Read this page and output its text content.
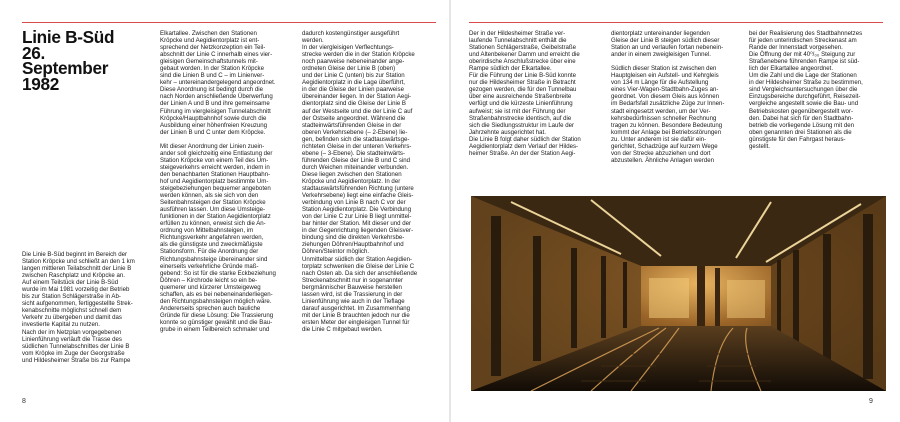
Linie B-Süd
26. September
1982
Die Linie B-Süd beginnt im Bereich der
Station Kröpcke und schließt an den 1 km
langen mittleren Teilabschnitt der Linie B
zwischen Raschplatz und Kröpcke an.
Auf einem Teilstück der Linie B-Süd
wurde im Mai 1981 vorzeitig der Betrieb
bis zur Station Schlägerstraße in Ab-
sicht aufgenommen, fertiggestellte Strek-
kenabschnitte möglichst schnell dem
Verkehr zu übergeben und damit das
investierte Kapital zu nutzen.
Nach der im Netzplan vorgegebenen
Linienführung verläuft die Trasse des
südlichen Tunnelabschnittes der Linie B
vom Kröpke im Zuge der Georgstraße
und Hildesheimer Straße bis zur Rampe
Elkartallee. Zwischen den Stationen
Kröpcke und Aegidientorplatz ist ent-
sprechend der Netzkonzeption ein Teil-
abschnitt der Linie C innerhalb eines vier-
gleisigen Gemeinschaftstunnels mit-
gebaut worden. In der Station Kröpcke
sind die Linien B und C – im Linienver-
kehr – untereinandergelegend angeordnet.
Diese Anordnung ist bedingt durch die
nach Norden anschließende Überwerfung
der Linien A und B und ihre gemeinsame
Führung im viergleisigen Tunnelabschnitt
Kröpcke/Hauptbahnhof sowie durch die
Ausbildung einer höhenfreien Kreuzung
der Linien B und C unter dem Kröpcke.

Mit dieser Anordnung der Linien zuein-
ander soll gleichzeitig eine Entlastung der
Station Kröpcke von einem Teil des Um-
steigeverkehrs erreicht werden, indem in
den benachbarten Stationen Hauptbahn-
hof und Aegidientorplatz bestimmte Um-
steigebeziehungen bequemer angeboten
werden können, als sie sich von den
Seitenbahnsteigen der Station Kröpcke
ausführen lassen. Um diese Umsteige-
funktionen in der Station Aegidientorplatz
erfüllen zu können, erweist sich die An-
ordnung von Mittelbahnsteigen, im
Richtungsverkehr angefahren werden,
als die günstigste und zweckmäßigste
Stationsform. Für die Anordnung der
Richtungsbahnsteige übereinander sind
einerseits verkehrliche Gründe maß-
gebend: So ist für die starke Eckbeziehung
Döhren – Kirchrode leicht so ein be-
quemerer und kürzerer Umsteigeweg
schaffen, als es bei nebeneinanderliegen-
den Richtungsbahnsteigen möglich wäre.
Andererseits sprechen auch bauliche
Gründe für diese Lösung: Die Trassierung
konnte so günstiger gewählt und die Bau-
grube in einem Teilbereich schmaler und
dadurch kostengünstiger ausgeführt
werden.
In der viergleisigen Verflechtungs-
strecke werden die in der Station Kröpcke
noch paarweise nebeneinander ange-
ordneten Gleise der Linie B (oben)
und der Linie C (unten) bis zur Station
Aegidientorplatz in die Lage überführt,
in der die Gleise der Linien paarweise
übereinander liegen. In der Station Aegi-
dientorplatz sind die Gleise der Linie B
auf der Westseite und die der Linie C auf
der Ostseite angeordnet. Während die
stadteinwärtsführenden Gleise in der
oberen Verkehrsebene (– 2-Ebene) lie-
gen, befinden sich die stadtauswärtsge-
richteten Gleise in der unteren Verkehrs-
ebene (– 3-Ebene). Die stadteinwärts-
führenden Gleise der Linie B und C sind
durch Weichen miteinander verbunden.
Diese liegen zwischen den Stationen
Kröpcke und Aegidientorplatz. In der
stadtauswärtsführenden Richtung (untere
Verkehrsebene) liegt eine einfache Gleis-
verbindung von Linie B nach C vor der
Station Aegidientorplatz. Die Verbindung
von der Linie C zur Linie B liegt unmittel-
bar hinter der Station. Mit dieser und der
in der Gegenrichtung liegenden Gleisver-
bindung sind die direkten Verkehrsbe-
ziehungen Döhren/Hauptbahnhof und
Döhren/Steintor möglich.
Unmittelbar südlich der Station Aegidien-
torplatz schwenken die Gleise der Linie C
nach Osten ab. Da sich der anschließende
Streckenabschnitt nur in sogenannter
bergmännischer Bauweise herstellen
lassen wird, ist die Trassierung in der
Linienführung wie auch in der Tieflage
darauf ausgerichtet. Im Zusammenhang
mit der Linie B brauchten jedoch nur die
ersten Meter der eingleisigen Tunnel für
die Linie C mitgebaut werden.
8
Der in der Hildesheimer Straße ver-
laufende Tunnelabschnitt enthält die
Stationen Schlägerstraße, Geibelstraße
und Altenbekener Damm und erreicht die
oberirdische Anschlußstrecke über eine
Rampe südlich der Elkartallee.
Für die Führung der Linie B-Süd konnte
nur die Hildesheimer Straße in Betracht
gezogen werden, die für den Tunnelbau
über eine ausreichende Straßenbreite
verfügt und die kürzeste Linienführung
aufweist; sie ist mit der Führung der
Straßenbahnstrecke identisch, auf die
sich die Siedlungsstruktur im Laufe der
Jahrzehnte ausgerichtet hat.
Die Linie B folgt daher südlich der Station
Aegidientorplatz dem Verlauf der Hildes-
heimer Straße. An der der Station Aegi-
dientorplatz untereinander liegenden
Gleise der Linie B steigen südlich dieser
Station an und verlaufen fortan nebenein-
ander in einem zweigleisigen Tunnel.

Südlich dieser Station ist zwischen den
Hauptgleisen ein Aufstell- und Kehrgleis
von 134 m Länge für die Aufstellung
eines Vier-Wagen-Stadtbahn-Zuges an-
geordnet. Von diesem Gleis aus können
im Bedarfsfall zusätzliche Züge zur Innen-
stadt eingesetzt werden, um der Ver-
kehrsbedürfnissen schneller Rechnung
tragen zu können. Besondere Bedeutung
kommt der Anlage bei Betriebsstörungen
zu. Unter anderem ist sie dafür ein-
gerichtet, Schadzüge auf kurzem Wege
von der Strecke abzuziehen und dort
abzustellen. Ähnliche Anlagen werden
bei der Realisierung des Stadtbahnnetzes
für jeden unterirdischen Streckenast am
Rande der Innenstadt vorgesehen.
Die Öffnung der mit 40⁰/₀₀ Steigung zur
Straßenebene führenden Rampe ist süd-
lich der Elkartallee angeordnet.
Um die Zahl und die Lage der Stationen
in der Hildesheimer Straße zu bestimmen,
sind Vergleichsuntersuchungen über die
Einzugsbereiche durchgeführt, Reisezeit-
vergleiche angestellt sowie die Bau- und
Betriebskosten gegenübergestellt wor-
den. Dabei hat sich für den Stadtbahn-
betrieb die vorliegende Lösung mit den
oben genannten drei Stationen als die
günstigste für den Fahrgast heraus-
gestellt.
9
